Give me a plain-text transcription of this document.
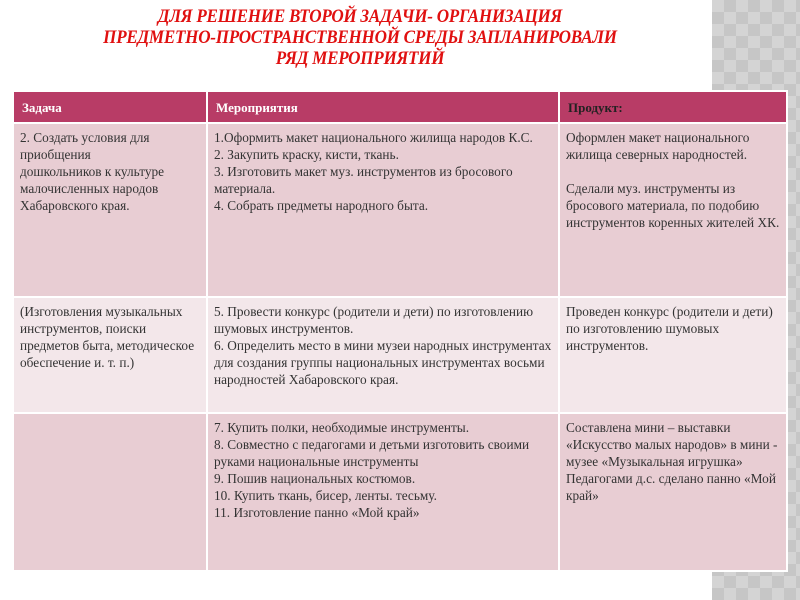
ДЛЯ РЕШЕНИЕ ВТОРОЙ ЗАДАЧИ- ОРГАНИЗАЦИЯ
ПРЕДМЕТНО-ПРОСТРАНСТВЕННОЙ СРЕДЫ ЗАПЛАНИРОВАЛИ
РЯД МЕРОПРИЯТИЙ
Задача	Мероприятия	Продукт:
2. Создать условия для приобщения
дошкольников к культуре малочисленных народов Хабаровского края.	1.Оформить макет национального жилища народов К.С.
2. Закупить краску, кисти, ткань.
3. Изготовить макет муз. инструментов из бросового материала.
4. Собрать предметы народного быта.	Оформлен макет национального жилища северных народностей.

Сделали муз. инструменты из бросового материала, по подобию инструментов коренных жителей ХК.
(Изготовления музыкальных инструментов, поиски предметов быта, методическое обеспечение и. т. п.)	5. Провести конкурс (родители и дети) по изготовлению шумовых инструментов.
6. Определить место в мини музеи народных инструментах для создания группы национальных инструментах восьми народностей Хабаровского края.	Проведен конкурс (родители и дети) по изготовлению шумовых инструментов.
	7. Купить полки, необходимые инструменты.
8. Совместно с педагогами и детьми изготовить своими руками национальные инструменты
9. Пошив национальных костюмов.
10. Купить ткань, бисер, ленты. тесьму.
11. Изготовление панно «Мой край»	Составлена мини – выставки «Искусство малых народов» в мини - музее «Музыкальная игрушка»
Педагогами д.с. сделано панно «Мой край»
